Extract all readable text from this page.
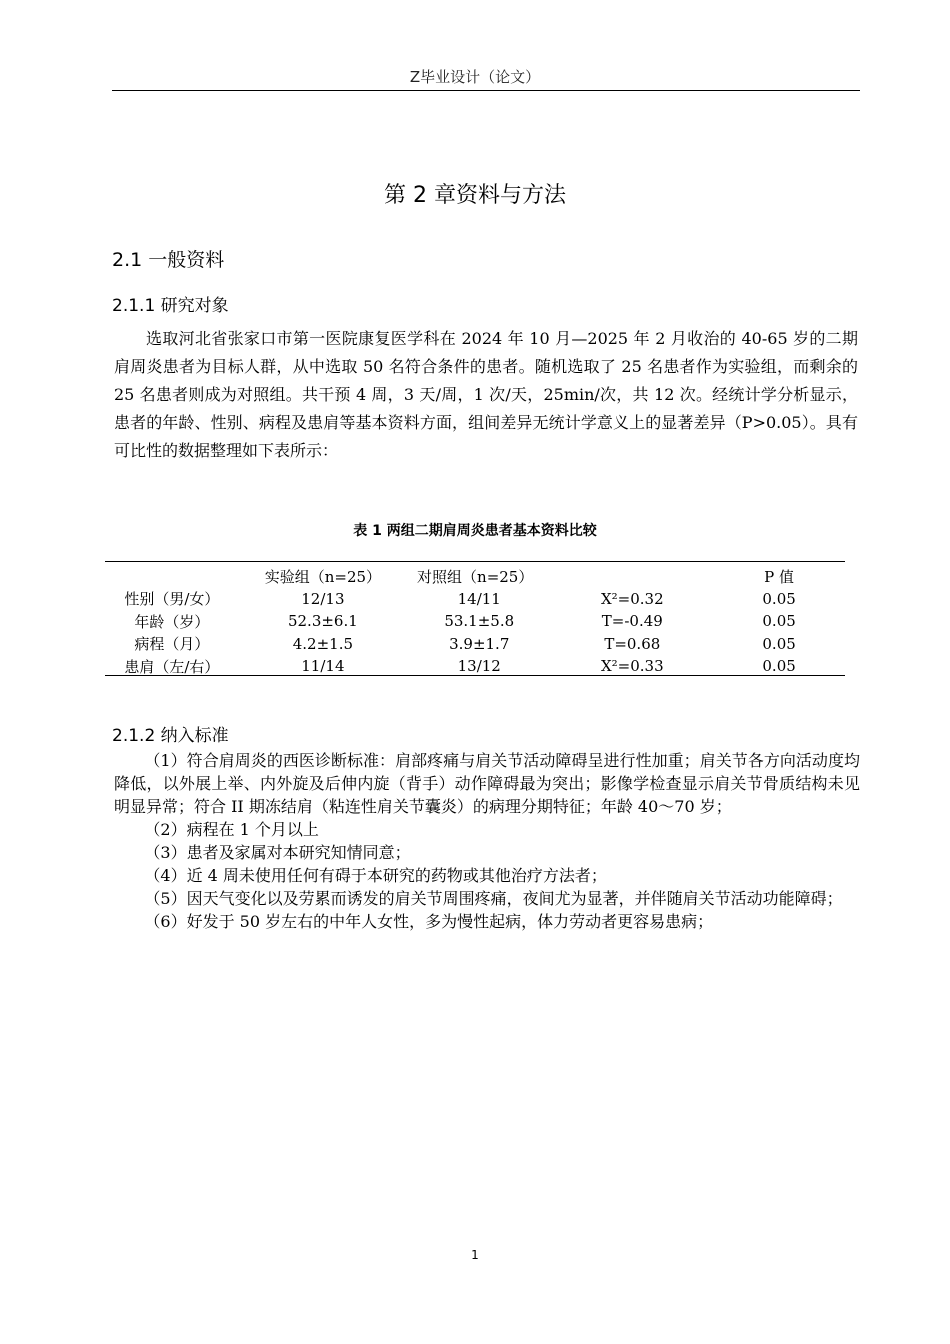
Z毕业设计（论文）
第 2 章资料与方法
2.1 一般资料
2.1.1 研究对象

选取河北省张家口市第一医院康复医学科在 2024 年 10 月—2025 年 2 月收治的 40-65 岁的二期肩周炎患者为目标人群，从中选取 50 名符合条件的患者。随机选取了 25 名患者作为实验组，而剩余的 25 名患者则成为对照组。共干预 4 周，3 天/周，1 次/天，25min/次，共 12 次。经统计学分析显示，患者的年龄、性别、病程及患肩等基本资料方面，组间差异无统计学意义上的显著差异（P>0.05）。具有可比性的数据整理如下表所示：

表 1 两组二期肩周炎患者基本资料比较
	实验组（n=25）	对照组（n=25）		P 值
性别（男/女）	12/13	14/11	X²=0.32	0.05
年龄（岁）	52.3±6.1	53.1±5.8	T=-0.49	0.05
病程（月）	4.2±1.5	3.9±1.7	T=0.68	0.05
患肩（左/右）	11/14	13/12	X²=0.33	0.05
2.1.2 纳入标准

（1）符合肩周炎的西医诊断标准：肩部疼痛与肩关节活动障碍呈进行性加重；肩关节各方向活动度均降低，以外展上举、内外旋及后伸内旋（背手）动作障碍最为突出；影像学检查显示肩关节骨质结构未见明显异常；符合 II 期冻结肩（粘连性肩关节囊炎）的病理分期特征；年龄 40～70 岁；

（2）病程在 1 个月以上

（3）患者及家属对本研究知情同意；

（4）近 4 周未使用任何有碍于本研究的药物或其他治疗方法者；

（5）因天气变化以及劳累而诱发的肩关节周围疼痛，夜间尤为显著，并伴随肩关节活动功能障碍；

（6）好发于 50 岁左右的中年人女性，多为慢性起病，体力劳动者更容易患病；

1
